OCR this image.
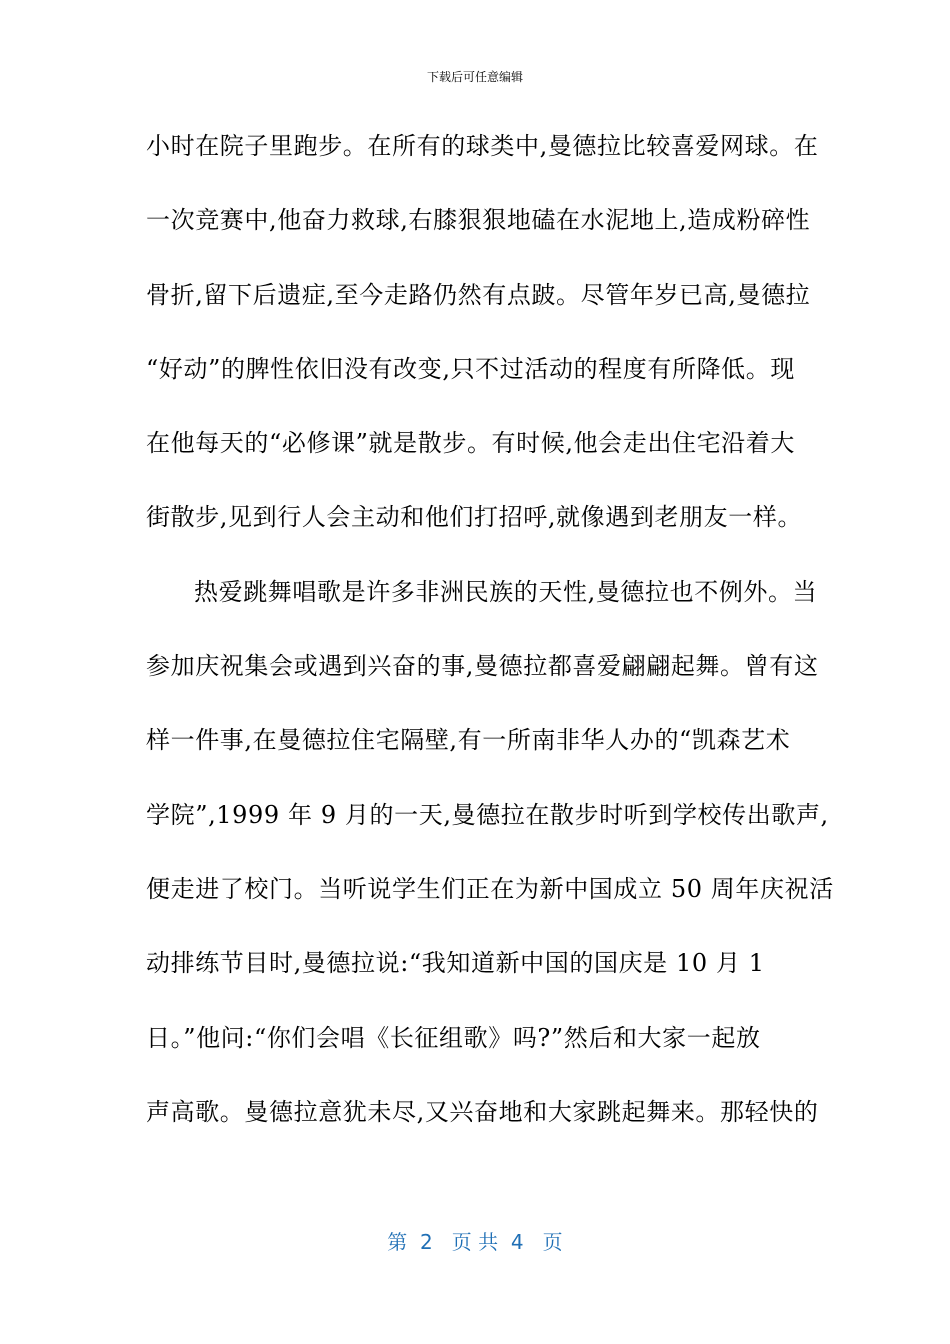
下载后可任意编辑
小时在院子里跑步。在所有的球类中,曼德拉比较喜爱网球。在
一次竞赛中,他奋力救球,右膝狠狠地磕在水泥地上,造成粉碎性
骨折,留下后遗症,至今走路仍然有点跛。尽管年岁已高,曼德拉
“好动”的脾性依旧没有改变,只不过活动的程度有所降低。现
在他每天的“必修课”就是散步。有时候,他会走出住宅沿着大
街散步,见到行人会主动和他们打招呼,就像遇到老朋友一样。
热爱跳舞唱歌是许多非洲民族的天性,曼德拉也不例外。当
参加庆祝集会或遇到兴奋的事,曼德拉都喜爱翩翩起舞。曾有这
样一件事,在曼德拉住宅隔壁,有一所南非华人办的“凯森艺术
学院”,1999 年 9 月的一天,曼德拉在散步时听到学校传出歌声,
便走进了校门。当听说学生们正在为新中国成立 50 周年庆祝活
动排练节目时,曼德拉说:“我知道新中国的国庆是 10 月 1
日。”他问:“你们会唱《长征组歌》吗?”然后和大家一起放
声高歌。曼德拉意犹未尽,又兴奋地和大家跳起舞来。那轻快的
第  2   页 共  4   页
